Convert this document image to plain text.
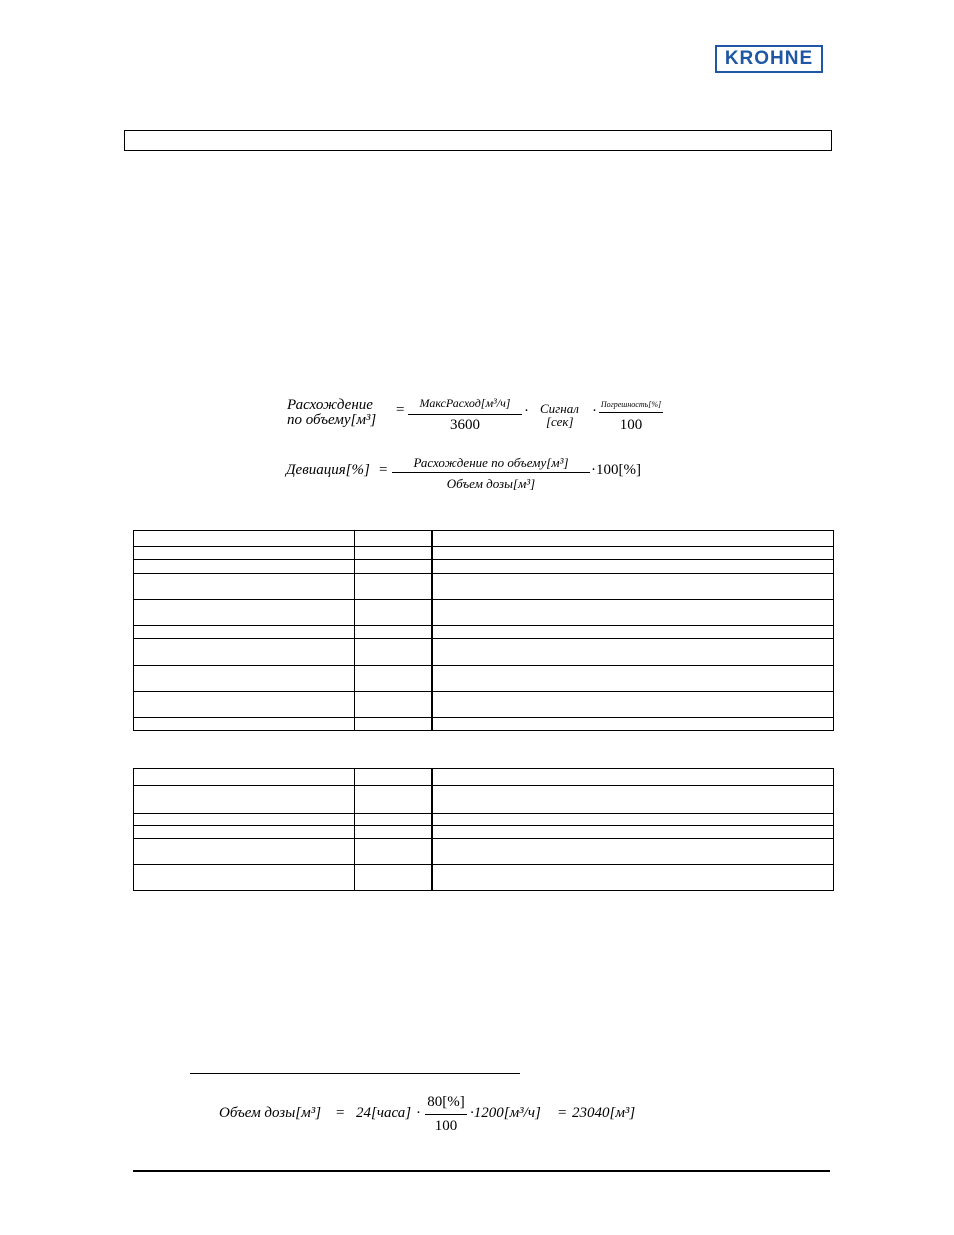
KROHNE
Расхождение
по объему[м³]
=	МаксРасход[м³/ч]
3600
· Сигнал
[сек]
· Погрешность[%]
100
Девиация[%] =	Расхождение по объему[м³]
Объем дозы[м³]
·100[%]

Объем дозы[м³] = 24[часа] ·
80[%]
100
·1200[м³/ч] = 23040[м³]
